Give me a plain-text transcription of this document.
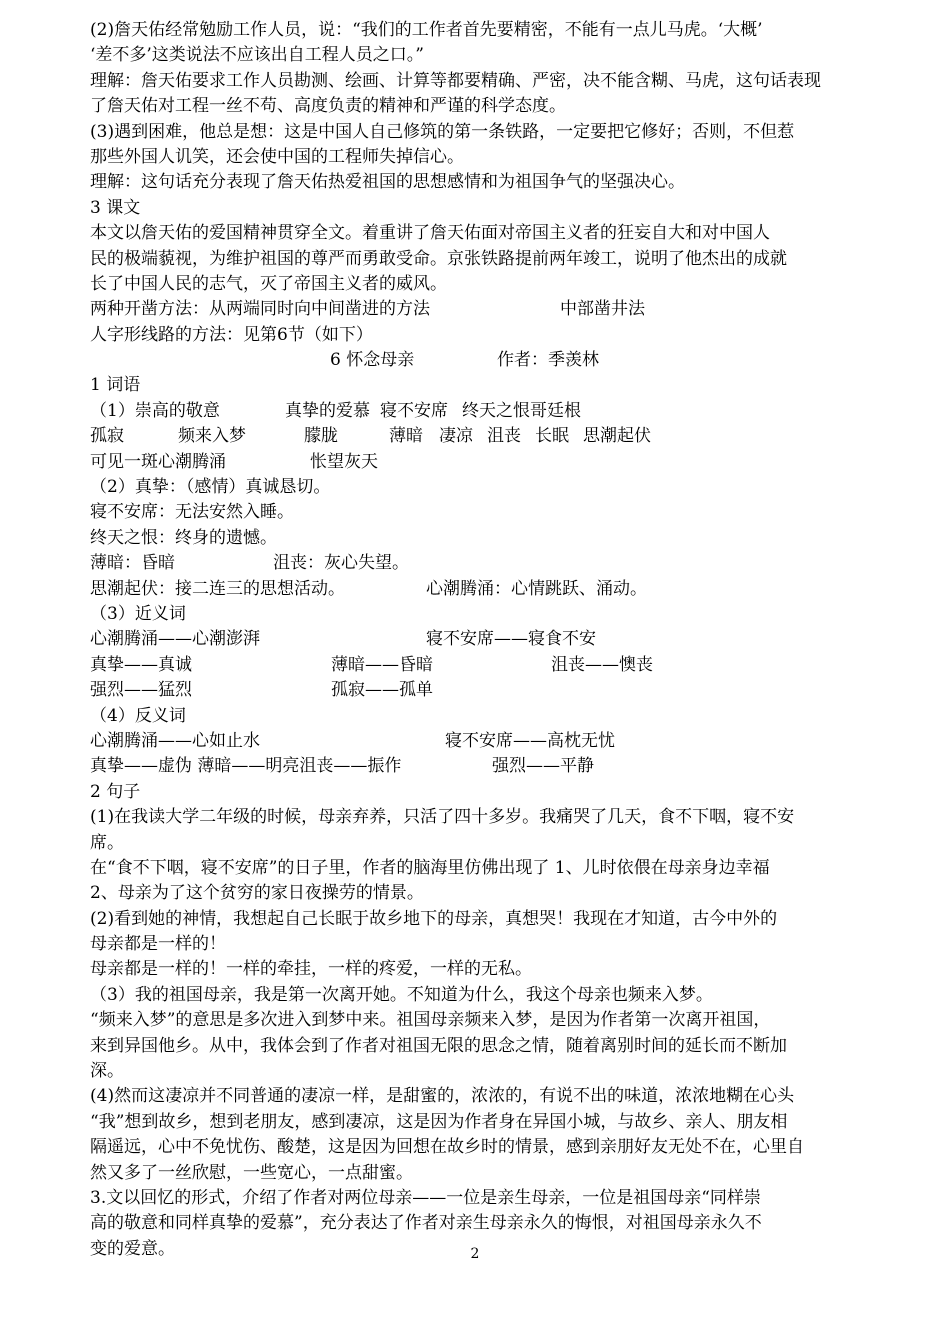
(2)詹天佑经常勉励工作人员，说：“我们的工作者首先要精密，不能有一点儿马虎。‘大概’
‘差不多’这类说法不应该出自工程人员之口。”
理解：詹天佑要求工作人员勘测、绘画、计算等都要精确、严密，决不能含糊、马虎，这句话表现
了詹天佑对工程一丝不苟、高度负责的精神和严谨的科学态度。
(3)遇到困难，他总是想：这是中国人自己修筑的第一条铁路，一定要把它修好；否则，不但惹
那些外国人讥笑，还会使中国的工程师失掉信心。
理解：这句话充分表现了詹天佑热爱祖国的思想感情和为祖国争气的坚强决心。
3 课文
本文以詹天佑的爱国精神贯穿全文。着重讲了詹天佑面对帝国主义者的狂妄自大和对中国人
民的极端藐视，为维护祖国的尊严而勇敢受命。京张铁路提前两年竣工，说明了他杰出的成就
长了中国人民的志气，灭了帝国主义者的威风。
两种开凿方法：从两端同时向中间凿进的方法	中部凿井法
人字形线路的方法：见第6节（如下）
6 怀念母亲	作者：季羡林
1 词语
（1）崇高的敬意	真挚的爱慕 寝不安席 终天之恨哥廷根
孤寂	频来入梦	朦胧	薄暗 凄凉 沮丧 长眠 思潮起伏
可见一斑心潮腾涌	怅望灰天
（2）真挚：（感情）真诚恳切。
寝不安席：无法安然入睡。
终天之恨：终身的遗憾。
薄暗：昏暗	沮丧：灰心失望。
思潮起伏：接二连三的思想活动。	心潮腾涌：心情跳跃、涌动。
（3）近义词
心潮腾涌——心潮澎湃	寝不安席——寝食不安
真挚——真诚	薄暗——昏暗	沮丧——懊丧
强烈——猛烈	孤寂——孤单
（4）反义词
心潮腾涌——心如止水	寝不安席——高枕无忧
真挚——虚伪 薄暗——明亮沮丧——振作	强烈——平静
2 句子
(1)在我读大学二年级的时候，母亲弃养，只活了四十多岁。我痛哭了几天，食不下咽，寝不安
席。
在“食不下咽，寝不安席”的日子里，作者的脑海里仿佛出现了 1、儿时依偎在母亲身边幸福
2、母亲为了这个贫穷的家日夜操劳的情景。
(2)看到她的神情，我想起自己长眠于故乡地下的母亲，真想哭！我现在才知道，古今中外的
母亲都是一样的！
母亲都是一样的！一样的牵挂，一样的疼爱，一样的无私。
（3）我的祖国母亲，我是第一次离开她。不知道为什么，我这个母亲也频来入梦。
“频来入梦”的意思是多次进入到梦中来。祖国母亲频来入梦，是因为作者第一次离开祖国，
来到异国他乡。从中，我体会到了作者对祖国无限的思念之情，随着离别时间的延长而不断加
深。
(4)然而这凄凉并不同普通的凄凉一样，是甜蜜的，浓浓的，有说不出的味道，浓浓地糊在心头
“我”想到故乡，想到老朋友，感到凄凉，这是因为作者身在异国小城，与故乡、亲人、朋友相
隔遥远，心中不免忧伤、酸楚，这是因为回想在故乡时的情景，感到亲朋好友无处不在，心里自
然又多了一丝欣慰，一些宽心，一点甜蜜。
3.文以回忆的形式，介绍了作者对两位母亲——一位是亲生母亲，一位是祖国母亲“同样崇
高的敬意和同样真挚的爱慕”，充分表达了作者对亲生母亲永久的悔恨，对祖国母亲永久不
变的爱意。	2
